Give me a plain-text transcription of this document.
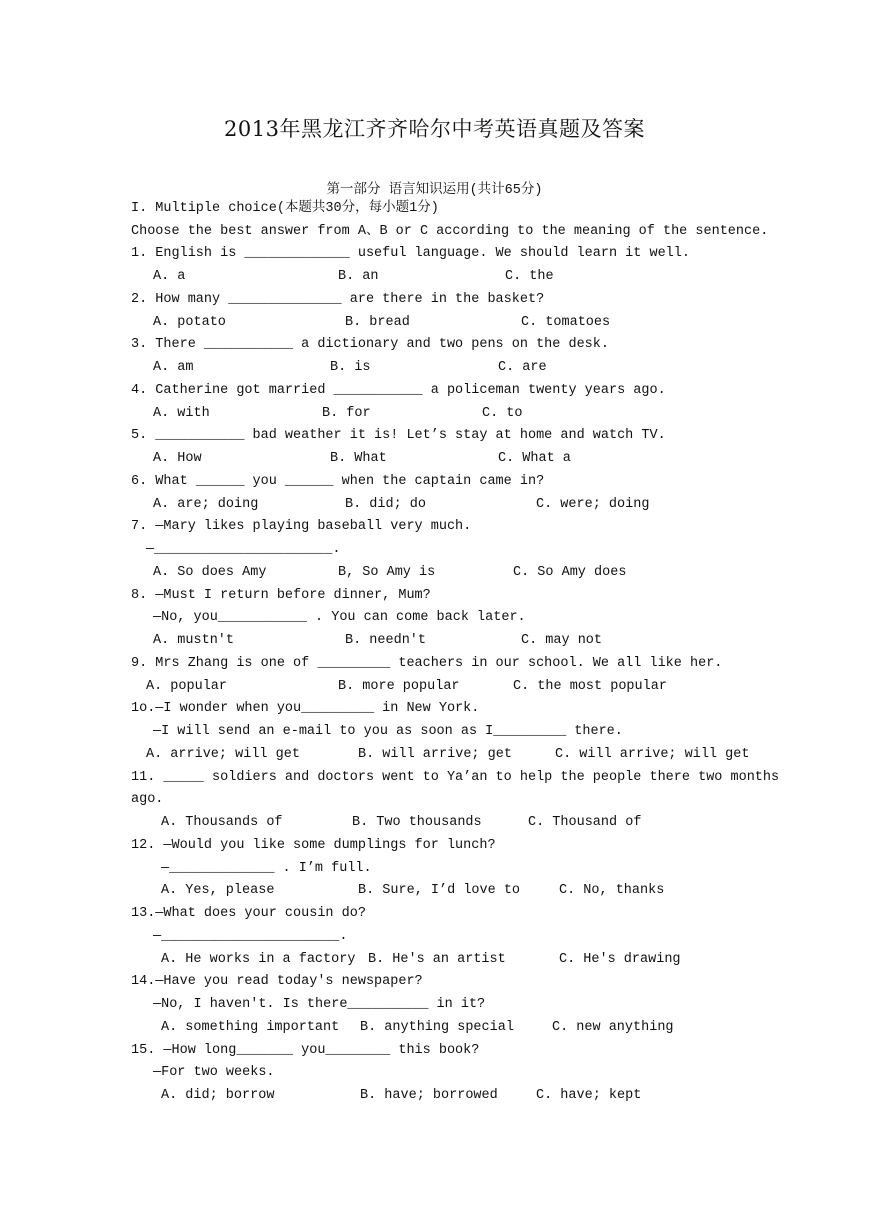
2013年黑龙江齐齐哈尔中考英语真题及答案
第一部分 语言知识运用(共计65分)
I. Multiple choice(本题共30分，每小题1分)
Choose the best answer from A、B or C according to the meaning of the sentence.
1. English is _____________ useful language. We should learn it well.
A. a	B. an	C. the
2. How many ______________ are there in the basket?
A. potato	B. bread	C. tomatoes
3. There ___________ a dictionary and two pens on the desk.
A. am	B. is	C. are
4. Catherine got married ___________ a policeman twenty years ago.
A. with	B. for	C. to
5. ___________ bad weather it is! Let’s stay at home and watch TV.
A. How	B. What	C. What a
6. What ______ you ______ when the captain came in?
A. are; doing	B. did; do	C. were; doing
7. —Mary likes playing baseball very much.
—______________________.
A. So does Amy	B, So Amy is	C. So Amy does
8. —Must I return before dinner, Mum?
—No, you___________ . You can come back later.
A. mustn't	B. needn't	C. may not
9. Mrs Zhang is one of _________ teachers in our school. We all like her.
A. popular	B. more popular	C. the most popular
1o.—I wonder when you_________ in New York.
—I will send an e-mail to you as soon as I_________ there.
A. arrive; will get	B. will arrive; get	C. will arrive; will get
11. _____ soldiers and doctors went to Ya’an to help the people there two months
ago.
A. Thousands of	B. Two thousands	C. Thousand of
12. —Would you like some dumplings for lunch?
—_____________ . I’m full.
A. Yes, please	B. Sure, I’d love to	C. No, thanks
13.—What does your cousin do?
—______________________.
A. He works in a factory B. He's an artist	C. He's drawing
14.—Have you read today's newspaper?
—No, I haven't. Is there__________ in it?
A. something important B. anything special	C. new anything
15. —How long_______ you________ this book?
—For two weeks.
A. did; borrow	B. have; borrowed	C. have; kept
